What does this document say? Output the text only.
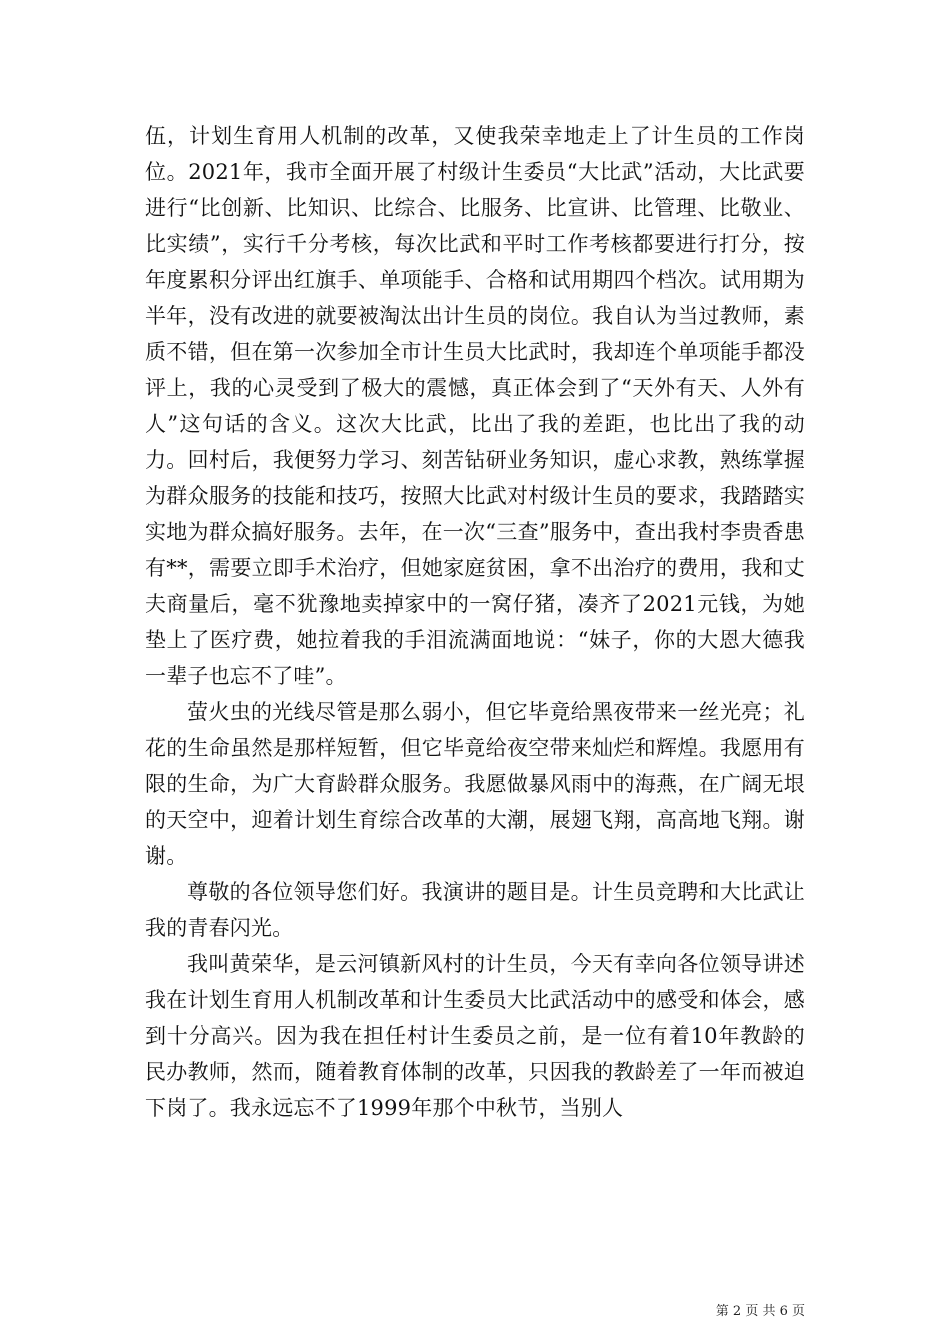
伍，计划生育用人机制的改革，又使我荣幸地走上了计生员的工作岗位。2021年，我市全面开展了村级计生委员“大比武”活动，大比武要进行“比创新、比知识、比综合、比服务、比宣讲、比管理、比敬业、比实绩”，实行千分考核，每次比武和平时工作考核都要进行打分，按年度累积分评出红旗手、单项能手、合格和试用期四个档次。试用期为半年，没有改进的就要被淘汰出计生员的岗位。我自认为当过教师，素质不错，但在第一次参加全市计生员大比武时，我却连个单项能手都没评上，我的心灵受到了极大的震憾，真正体会到了“天外有天、人外有人”这句话的含义。这次大比武，比出了我的差距，也比出了我的动力。回村后，我便努力学习、刻苦钻研业务知识，虚心求教，熟练掌握为群众服务的技能和技巧，按照大比武对村级计生员的要求，我踏踏实实地为群众搞好服务。去年，在一次“三查”服务中，查出我村李贵香患有**，需要立即手术治疗，但她家庭贫困，拿不出治疗的费用，我和丈夫商量后，毫不犹豫地卖掉家中的一窝仔猪，凑齐了2021元钱，为她垫上了医疗费，她拉着我的手泪流满面地说：“妹子，你的大恩大德我一辈子也忘不了哇”。

萤火虫的光线尽管是那么弱小，但它毕竟给黑夜带来一丝光亮；礼花的生命虽然是那样短暂，但它毕竟给夜空带来灿烂和辉煌。我愿用有限的生命，为广大育龄群众服务。我愿做暴风雨中的海燕，在广阔无垠的天空中，迎着计划生育综合改革的大潮，展翅飞翔，高高地飞翔。谢谢。

尊敬的各位领导您们好。我演讲的题目是。计生员竞聘和大比武让我的青春闪光。

我叫黄荣华，是云河镇新风村的计生员，今天有幸向各位领导讲述我在计划生育用人机制改革和计生委员大比武活动中的感受和体会，感到十分高兴。因为我在担任村计生委员之前，是一位有着10年教龄的民办教师，然而，随着教育体制的改革，只因我的教龄差了一年而被迫下岗了。我永远忘不了1999年那个中秋节，当别人

第 2 页 共 6 页
